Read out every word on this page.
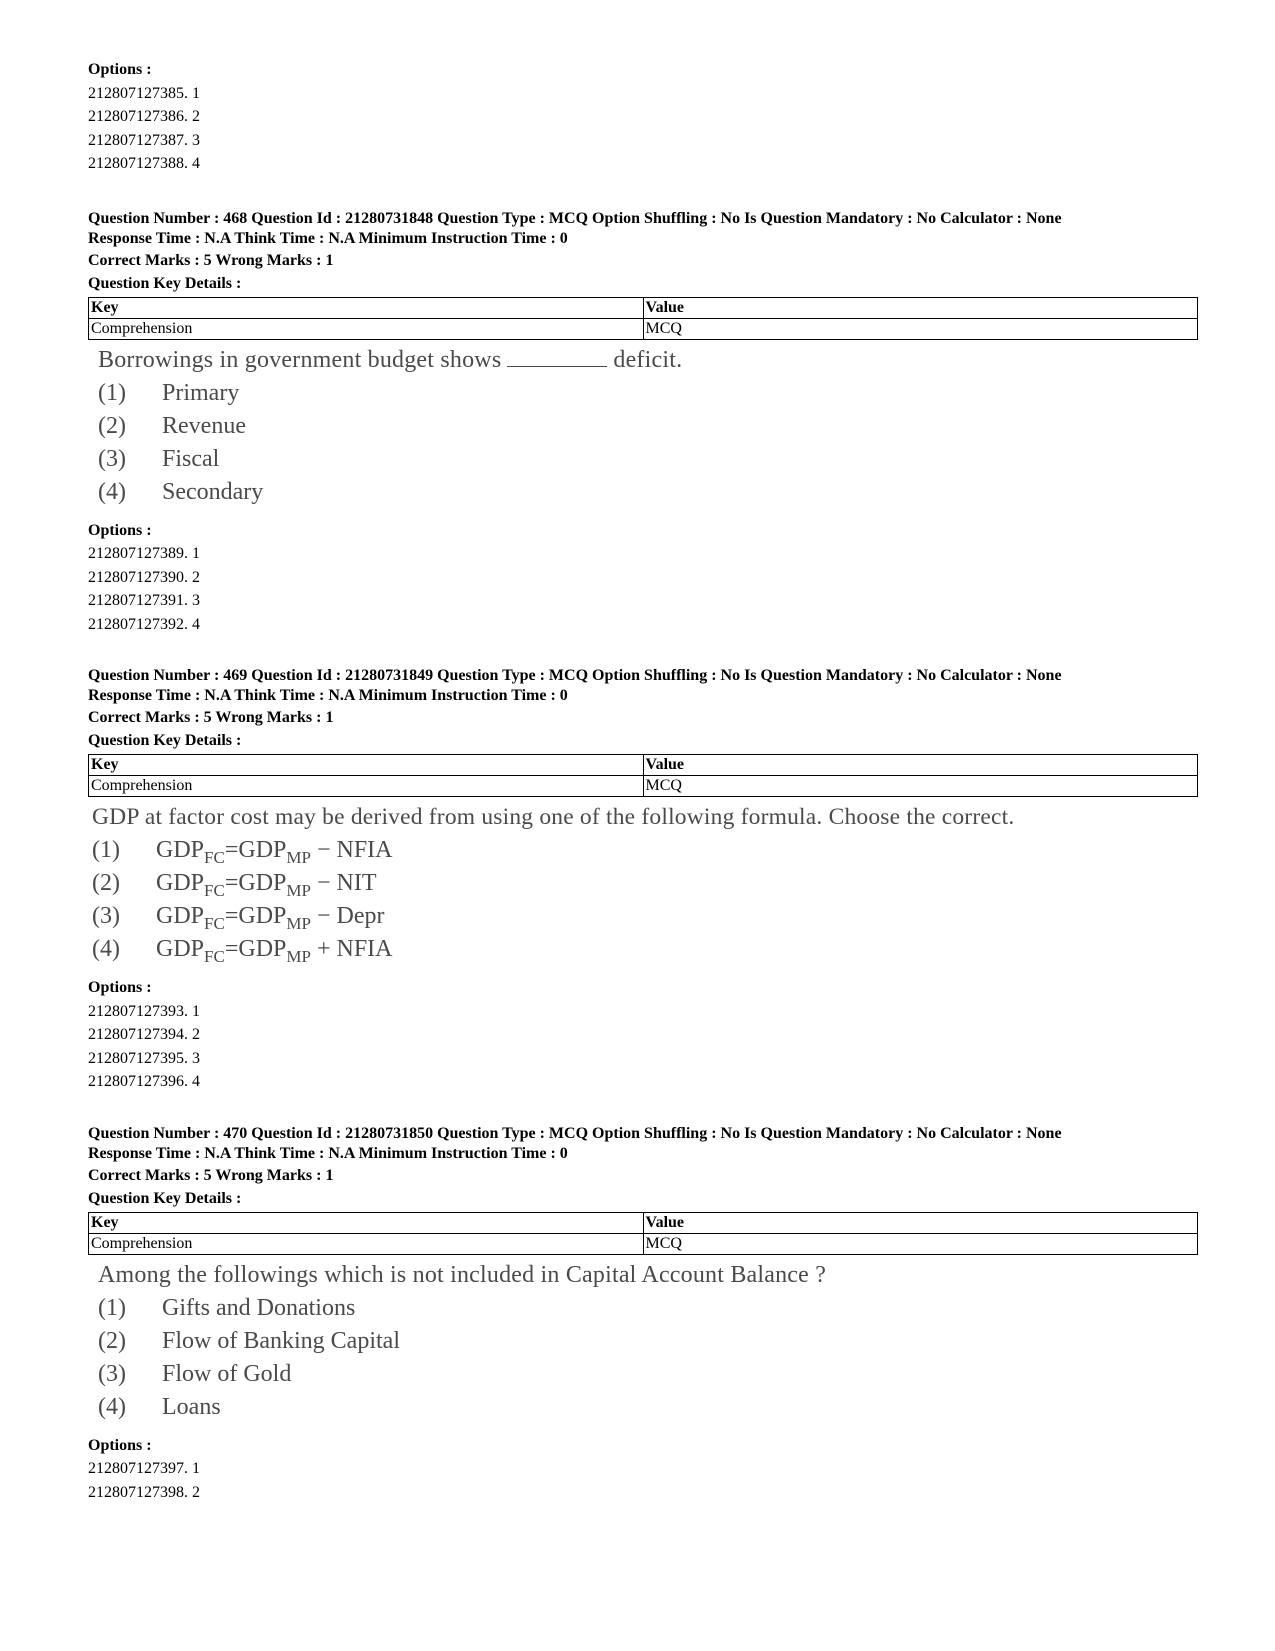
Options :
212807127385. 1
212807127386. 2
212807127387. 3
212807127388. 4
Question Number : 468 Question Id : 21280731848 Question Type : MCQ Option Shuffling : No Is Question Mandatory : No Calculator : None
Response Time : N.A Think Time : N.A Minimum Instruction Time : 0
Correct Marks : 5 Wrong Marks : 1
Question Key Details :
Key	Value
Comprehension	MCQ
Borrowings in government budget shows	deficit.
(1) Primary
(2) Revenue
(3) Fiscal
(4) Secondary
Options :
212807127389. 1
212807127390. 2
212807127391. 3
212807127392. 4
Question Number : 469 Question Id : 21280731849 Question Type : MCQ Option Shuffling : No Is Question Mandatory : No Calculator : None
Response Time : N.A Think Time : N.A Minimum Instruction Time : 0
Correct Marks : 5 Wrong Marks : 1
Question Key Details :
Key	Value
Comprehension	MCQ
GDP at factor cost may be derived from using one of the following formula. Choose the correct.
(1) $GDP_{FC}=GDP_{MP}$ − NFIA
(2) $GDP_{FC}=GDP_{MP}$ − NIT
(3) $GDP_{FC}=GDP_{MP}$ − Depr
(4) $GDP_{FC}=GDP_{MP}$ + NFIA
Options :
212807127393. 1
212807127394. 2
212807127395. 3
212807127396. 4
Question Number : 470 Question Id : 21280731850 Question Type : MCQ Option Shuffling : No Is Question Mandatory : No Calculator : None
Response Time : N.A Think Time : N.A Minimum Instruction Time : 0
Correct Marks : 5 Wrong Marks : 1
Question Key Details :
Key	Value
Comprehension	MCQ
Among the followings which is not included in Capital Account Balance ?
(1) Gifts and Donations
(2) Flow of Banking Capital
(3) Flow of Gold
(4) Loans
Options :
212807127397. 1
212807127398. 2
